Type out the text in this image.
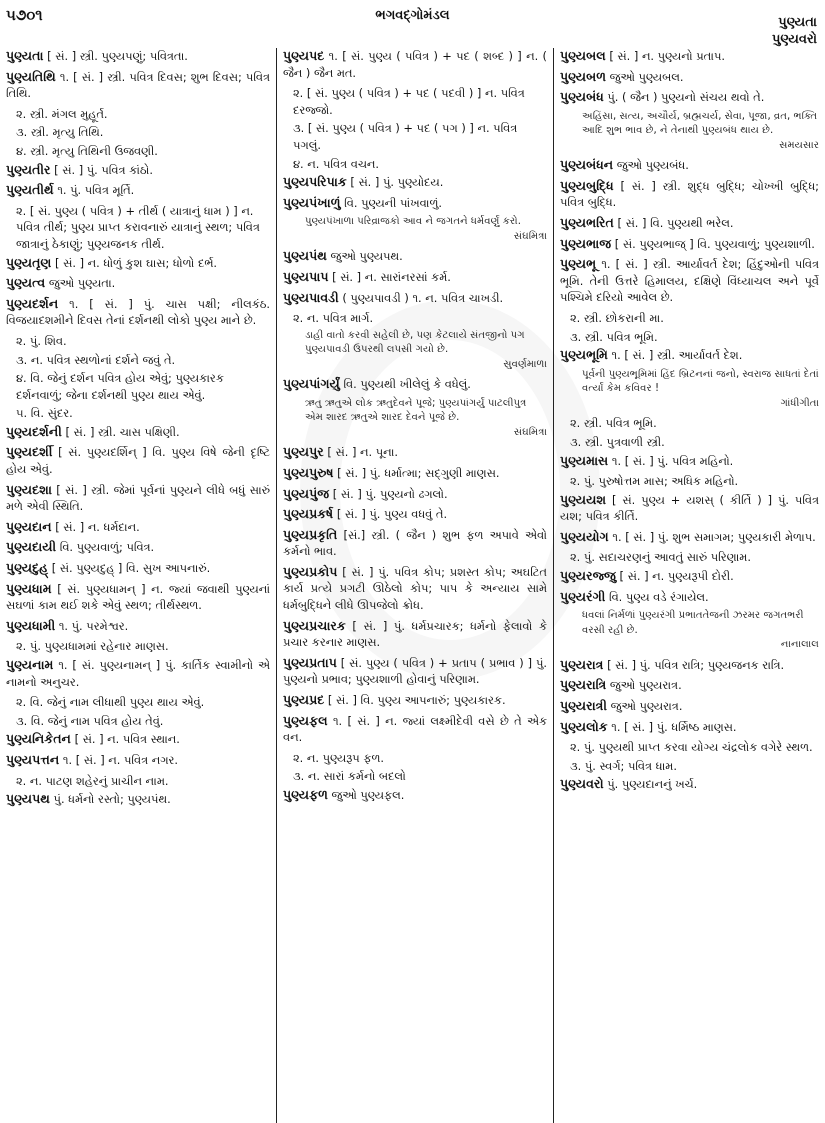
૫૭૦૧	ભગવદ્ગોમંડલ	પુણ્યતા
પુણ્યવરો

પુણ્યતા [ સં. ] સ્ત્રી. પુણ્યપણું; પવિત્રતા.

પુણ્યતિથિ ૧. [ સં. ] સ્ત્રી. પવિત્ર દિવસ; શુભ દિવસ; પવિત્ર તિથિ.

૨. સ્ત્રી. મંગલ મુહૂર્ત.

૩. સ્ત્રી. મૃત્યુ તિથિ.

૪. સ્ત્રી. મૃત્યુ તિથિની ઉજવણી.

પુણ્યતીર [ સં. ] પું. પવિત્ર કાંઠો.

પુણ્યતીર્થ ૧. પું. પવિત્ર મૂર્તિ.

૨. [ સં. પુણ્ય ( પવિત્ર ) + તીર્થ ( યાત્રાનું ધામ ) ] ન. પવિત્ર તીર્થ; પુણ્ય પ્રાપ્ત કરાવનારું યાત્રાનું સ્થળ; પવિત્ર જાત્રાનું ઠેકાણું; પુણ્યજનક તીર્થ.

પુણ્યતૃણ [ સં. ] ન. ધોળું કુશ ઘાસ; ધોળો દર્ભ.

પુણ્યત્વ જુઓ પુણ્યતા.

પુણ્યદર્શન ૧. [ સં. ] પું. ચાસ પક્ષી; નીલકંઠ. વિજયાદશમીને દિવસ તેનાં દર્શનથી લોકો પુણ્ય માને છે.

૨. પું. શિવ.

૩. ન. પવિત્ર સ્થળોનાં દર્શને જવું તે.

૪. વિ. જેનું દર્શન પવિત્ર હોય એવું; પુણ્યકારક દર્શનવાળું; જેના દર્શનથી પુણ્ય થાય એવું.

૫. વિ. સુંદર.

પુણ્યદર્શની [ સં. ] સ્ત્રી. ચાસ પક્ષિણી.

પુણ્યદર્શી [ સં. પુણ્યદર્શિન્ ] વિ. પુણ્ય વિષે જેની દૃષ્ટિ હોય એવું.

પુણ્યદશા [ સં. ] સ્ત્રી. જેમાં પૂર્વનાં પુણ્યને લીધે બધું સારું મળે એવી સ્થિતિ.

પુણ્યદાન [ સં. ] ન. ધર્મદાન.

પુણ્યદાયી વિ. પુણ્યવાળું; પવિત્ર.

પુણ્યદુહ્ [ સં. પુણ્યદુહ્ ] વિ. સુખ આપનારું.

પુણ્યધામ [ સં. પુણ્યધામન્ ] ન. જ્યાં જવાથી પુણ્યનાં સઘળાં કામ થઈ શકે એવું સ્થળ; તીર્થસ્થળ.

પુણ્યધામી ૧. પું. પરમેશ્વર.

૨. પું. પુણ્યધામમાં રહેનાર માણસ.

પુણ્યનામ ૧. [ સં. પુણ્યનામન્ ] પું. કાર્તિક સ્વામીનો એ નામનો અનુચર.

૨. વિ. જેનું નામ લીધાથી પુણ્ય થાય એવું.

૩. વિ. જેનું નામ પવિત્ર હોય તેવું.

પુણ્યનિકેતન [ સં. ] ન. પવિત્ર સ્થાન.

પુણ્યપત્તન ૧. [ સં. ] ન. પવિત્ર નગર.

૨. ન. પાટણ શહેરનું પ્રાચીન નામ.

પુણ્યપથ પું. ધર્મનો રસ્તો; પુણ્યપંથ.

પુણ્યપદ ૧. [ સં. પુણ્ય ( પવિત્ર ) + પદ ( શબ્દ ) ] ન. ( જૈન ) જૈન મત.

૨. [ સં. પુણ્ય ( પવિત્ર ) + પદ ( પદવી ) ] ન. પવિત્ર દરજ્જો.

૩. [ સં. પુણ્ય ( પવિત્ર ) + પદ ( પગ ) ] ન. પવિત્ર પગલું.

૪. ન. પવિત્ર વચન.

પુણ્યપરિપાક [ સં. ] પું. પુણ્યોદય.

પુણ્યપંખાળું વિ. પુણ્યની પાંખવાળું.

પુણ્યપંખાળા પરિવ્રાજકો આવ ને જગતને ધર્મવર્ણું કરો.
સંઘમિત્રા

પુણ્યપંથ જુઓ પુણ્યપથ.

પુણ્યપાપ [ સં. ] ન. સારાંનરસાં કર્મ.

પુણ્યપાવડી ( પુણ્યપાવડી ) ૧. ન. પવિત્ર ચાખડી.

૨. ન. પવિત્ર માર્ગ.

ડાહી વાતો કરવી સહેલી છે, પણ કેટલાયે સંતજીનો પગ પુણ્યપાવડી ઉપરથી લપસી ગયો છે.
સુવર્ણમાળા

પુણ્યપાંગર્યું વિ. પુણ્યથી ખીલેલું કે વધેલું.

ઋતુ ઋતુએ લોક ઋતુદેવને પૂજે; પુણ્યપાંગર્યું પાટલીપુત્ર એમ શારદ ઋતુએ શારદ દેવને પૂજે છે.
સંઘમિત્રા

પુણ્યપુર [ સં. ] ન. પૂના.

પુણ્યપુરુષ [ સં. ] પું. ધર્માત્મા; સદ્‌ગુણી માણસ.

પુણ્યપુંજ [ સં. ] પું. પુણ્યનો ઢગલો.

પુણ્યપ્રકર્ષ [ સં. ] પું. પુણ્ય વધવું તે.

પુણ્યપ્રકૃતિ [સં.] સ્ત્રી. ( જૈન ) શુભ ફળ અપાવે એવો કર્મનો ભાવ.

પુણ્યપ્રકોપ [ સં. ] પું. પવિત્ર કોપ; પ્રશસ્ત કોપ; અઘટિત કાર્ય પ્રત્યે પ્રગટી ઊઠેલો કોપ; પાપ કે અન્યાય સામે ધર્મબુદ્ધિને લીધે ઊપજેલો ક્રોધ.

પુણ્યપ્રચારક [ સં. ] પું. ધર્મપ્રચારક; ધર્મનો ફેલાવો કે પ્રચાર કરનાર માણસ.

પુણ્યપ્રતાપ [ સં. પુણ્ય ( પવિત્ર ) + પ્રતાપ ( પ્રભાવ ) ] પું. પુણ્યનો પ્રભાવ; પુણ્યશાળી હોવાનું પરિણામ.

પુણ્યપ્રદ [ સં. ] વિ. પુણ્ય આપનારું; પુણ્યકારક.

પુણ્યફલ ૧. [ સં. ] ન. જ્યાં લક્ષ્મીદેવી વસે છે તે એક વન.

૨. ન. પુણ્યરૂપ ફળ.

૩. ન. સારાં કર્મનો બદલો

પુણ્યફળ જુઓ પુણ્યફલ.

પુણ્યબલ [ સં. ] ન. પુણ્યનો પ્રતાપ.

પુણ્યબળ જુઓ પુણ્યબલ.

પુણ્યબંધ પું. ( જૈન ) પુણ્યનો સંચય થવો તે.

અહિંસા, સત્ય, અચૌર્ય, બ્રહ્મચર્ય, સેવા, પૂજા, વ્રત, ભક્તિ આદિ શુભ ભાવ છે, ને તેનાથી પુણ્યબંધ થાય છે.
સમયસાર

પુણ્યબંધન જુઓ પુણ્યબંધ.

પુણ્યબુદ્ધિ [ સં. ] સ્ત્રી. શુદ્ધ બુદ્ધિ; ચોખ્ખી બુદ્ધિ; પવિત્ર બુદ્ધિ.

પુણ્યભરિત [ સં. ] વિ. પુણ્યથી ભરેલ.

પુણ્યભાજ [ સં. પુણ્યભાજ્ ] વિ. પુણ્યવાળું; પુણ્યશાળી.

પુણ્યભૂ ૧. [ સં. ] સ્ત્રી. આર્યાવર્ત દેશ; હિંદુઓની પવિત્ર ભૂમિ. તેની ઉત્તરે હિમાલય, દક્ષિણે વિંધ્યાચલ અને પૂર્વે પશ્ચિમે દરિયો આવેલ છે.

૨. સ્ત્રી. છોકરાની મા.

૩. સ્ત્રી. પવિત્ર ભૂમિ.

પુણ્યભૂમિ ૧. [ સં. ] સ્ત્રી. આર્યાવર્ત દેશ.

પૂર્વની પુણ્યભૂમિમાં હિંદ બ્રિટનનાં જનો, સ્વરાજ સાધતાં દેતાં વર્ત્યાં કેમ કવિવર !
ગાંધીગીતા

૨. સ્ત્રી. પવિત્ર ભૂમિ.

૩. સ્ત્રી. પુત્રવાળી સ્ત્રી.

પુણ્યમાસ ૧. [ સં. ] પું. પવિત્ર મહિનો.

૨. પું. પુરુષોત્તમ માસ; અધિક મહિનો.

પુણ્યયશ [ સં. પુણ્ય + યશસ્ ( કીર્તિ ) ] પું. પવિત્ર યશ; પવિત્ર કીર્તિ.

પુણ્યયોગ ૧. [ સં. ] પું. શુભ સમાગમ; પુણ્યકારી મેળાપ.

૨. પું. સદાચરણનું આવતું સારું પરિણામ.

પુણ્યરજ્જુ [ સં. ] ન. પુણ્યરૂપી દોરી.

પુણ્યરંગી વિ. પુણ્ય વડે રંગાયેલ.

ધવલાં નિર્મળાં પુણ્યરંગી પ્રભાતતેજની ઝરમર જગતભરી વરસી રહી છે.
નાનાલાલ

પુણ્યરાત્ર [ સં. ] પું. પવિત્ર રાત્રિ; પુણ્યજનક રાત્રિ.

પુણ્યરાત્રિ જુઓ પુણ્યરાત્ર.

પુણ્યરાત્રી જુઓ પુણ્યરાત્ર.

પુણ્યલોક ૧. [ સં. ] પું. ધર્મિષ્ઠ માણસ.

૨. પું. પુણ્યથી પ્રાપ્ત કરવા યોગ્ય ચંદ્રલોક વગેરે સ્થળ.

૩. પું. સ્વર્ગ; પવિત્ર ધામ.

પુણ્યવરો પું. પુણ્યદાનનું ખર્ચ.
